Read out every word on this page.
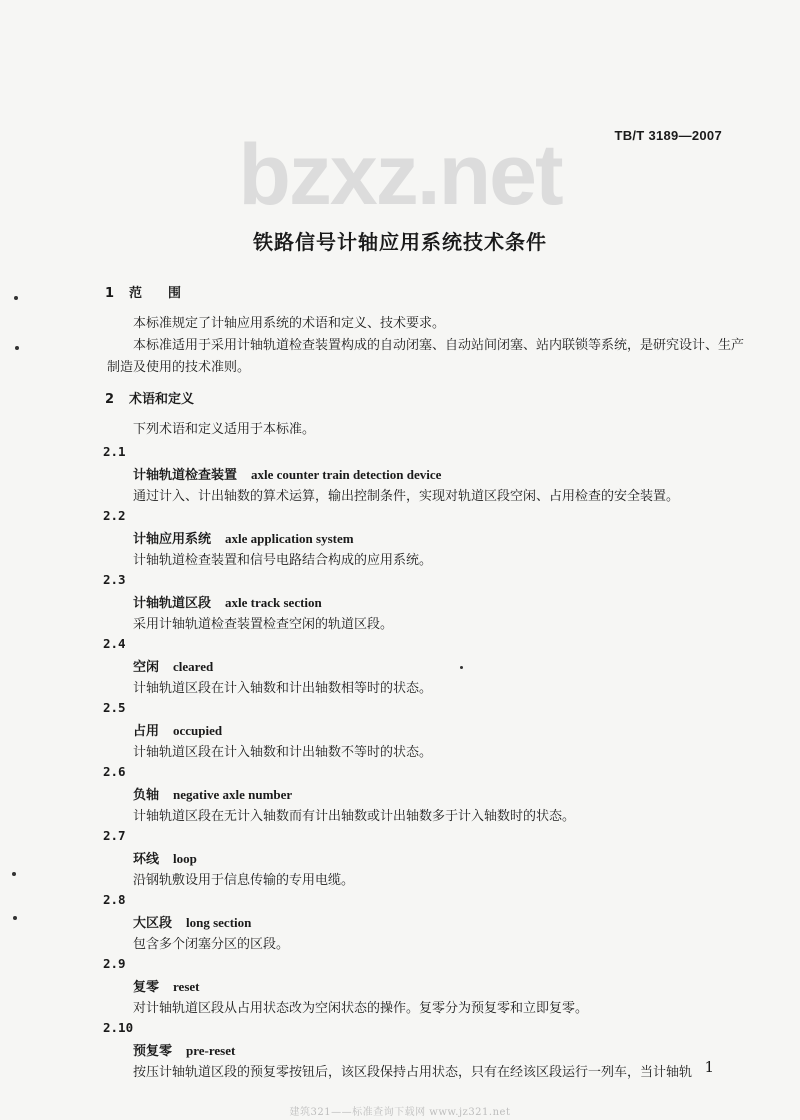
bzxz.net	TB/T 3189—2007
铁路信号计轴应用系统技术条件
1 范围
本标准规定了计轴应用系统的术语和定义、技术要求。
本标准适用于采用计轴轨道检查装置构成的自动闭塞、自动站间闭塞、站内联锁等系统，是研究设计、生产制造及使用的技术准则。
2 术语和定义
下列术语和定义适用于本标准。
2.1
计轴轨道检查装置 axle counter train detection device
通过计入、计出轴数的算术运算，输出控制条件，实现对轨道区段空闲、占用检查的安全装置。
2.2
计轴应用系统 axle application system
计轴轨道检查装置和信号电路结合构成的应用系统。
2.3
计轴轨道区段 axle track section
采用计轴轨道检查装置检查空闲的轨道区段。
2.4
空闲 cleared
计轴轨道区段在计入轴数和计出轴数相等时的状态。
2.5
占用 occupied
计轴轨道区段在计入轴数和计出轴数不等时的状态。
2.6
负轴 negative axle number
计轴轨道区段在无计入轴数而有计出轴数或计出轴数多于计入轴数时的状态。
2.7
环线 loop
沿钢轨敷设用于信息传输的专用电缆。
2.8
大区段 long section
包含多个闭塞分区的区段。
2.9
复零 reset
对计轴轨道区段从占用状态改为空闲状态的操作。复零分为预复零和立即复零。
2.10
预复零 pre-reset
按压计轴轨道区段的预复零按钮后，该区段保持占用状态，只有在经该区段运行一列车，当计轴轨 1
建筑321——标准查询下载网 www.jz321.net
